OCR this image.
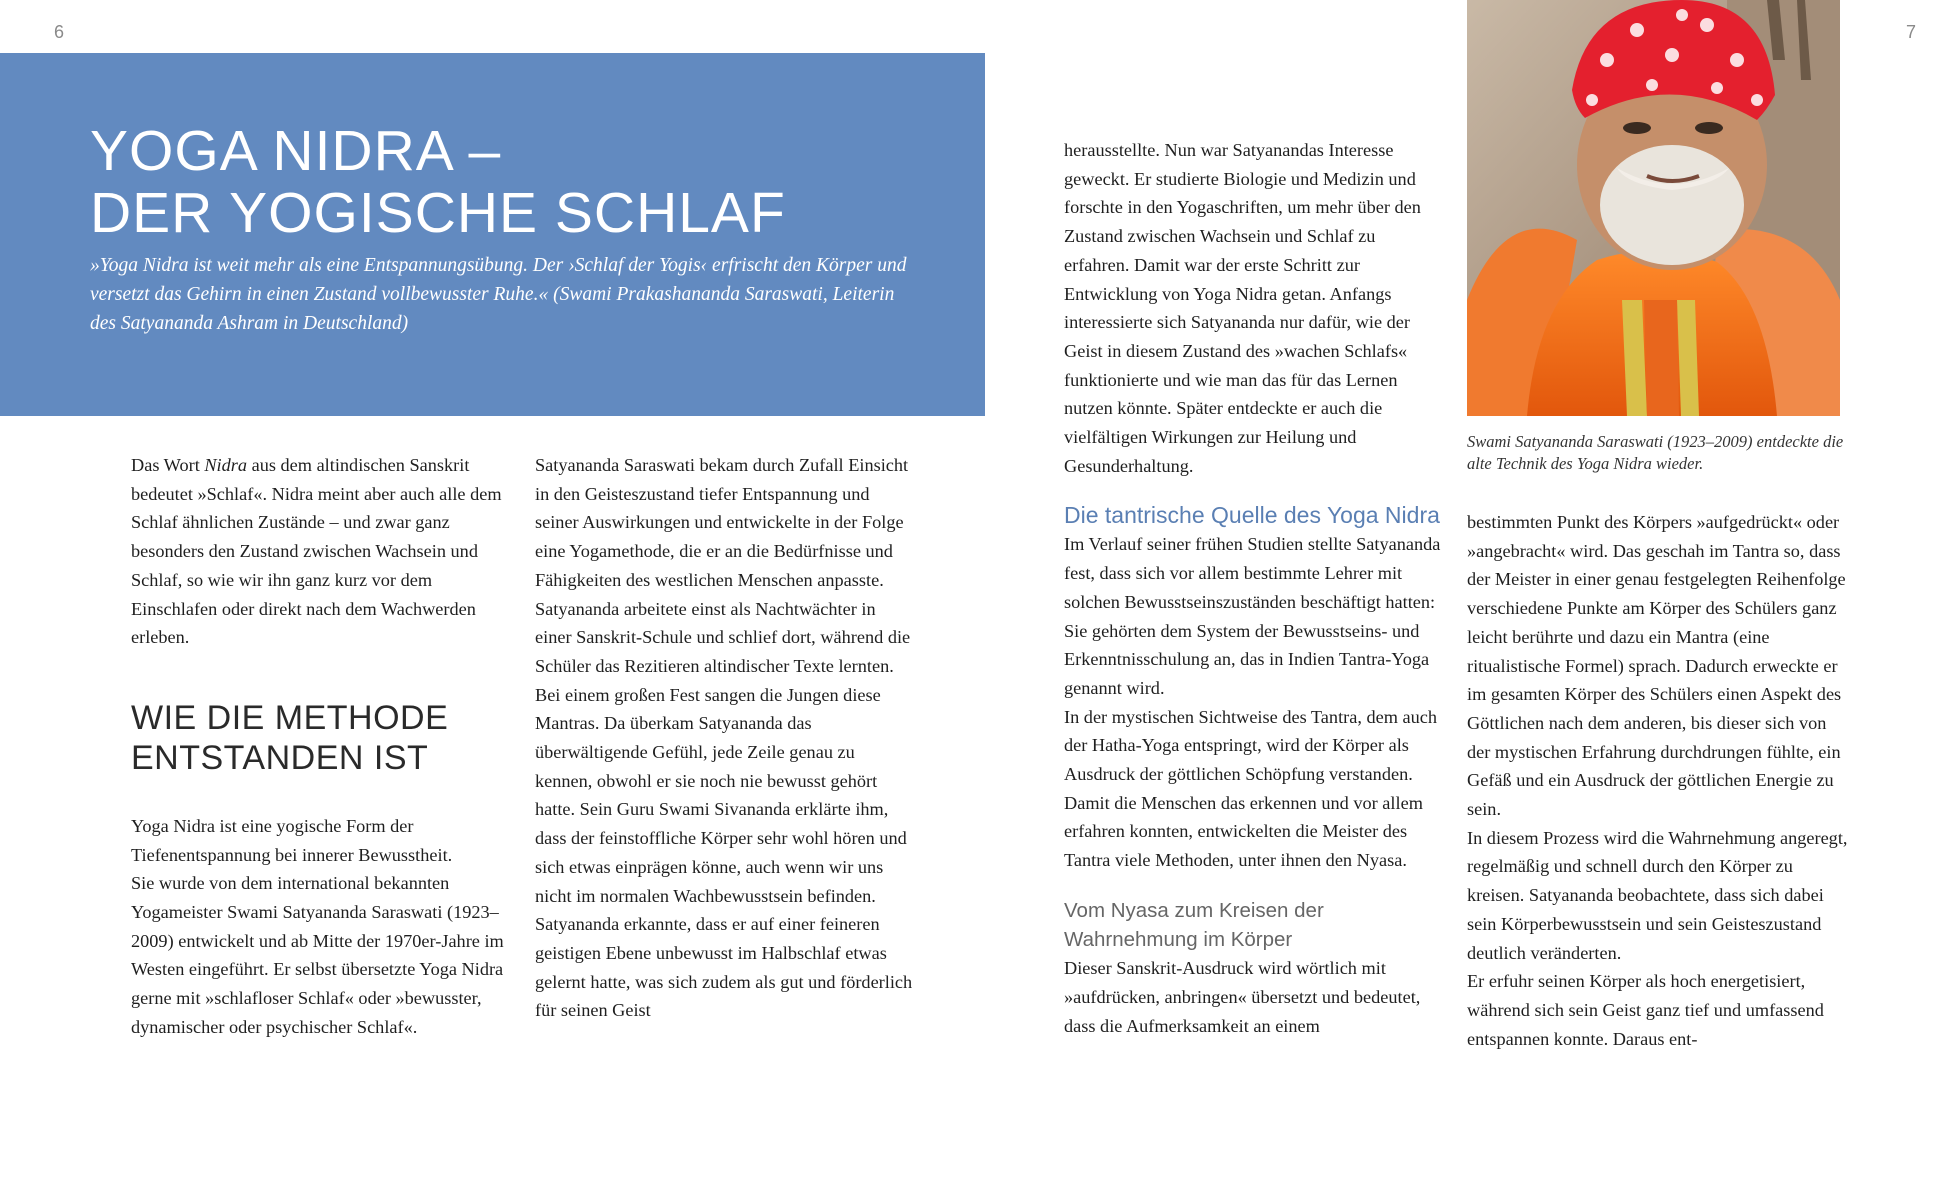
6	7
YOGA NIDRA –
DER YOGISCHE SCHLAF

»Yoga Nidra ist weit mehr als eine Entspannungsübung. Der ›Schlaf der Yogis‹ erfrischt den Körper und versetzt das Gehirn in einen Zustand vollbewusster Ruhe.« (Swami Prakashananda Saraswati, Leiterin des Satyananda Ashram in Deutschland)

Das Wort Nidra aus dem altindischen Sanskrit bedeutet »Schlaf«. Nidra meint aber auch alle dem Schlaf ähnlichen Zustände – und zwar ganz besonders den Zustand zwischen Wachsein und Schlaf, so wie wir ihn ganz kurz vor dem Einschlafen oder direkt nach dem Wachwerden erleben.

WIE DIE METHODE
ENTSTANDEN IST

Yoga Nidra ist eine yogische Form der Tiefenentspannung bei innerer Bewusstheit.

Sie wurde von dem international bekannten Yogameister Swami Satyananda Saraswati (1923–2009) entwickelt und ab Mitte der 1970er-Jahre im Westen eingeführt. Er selbst übersetzte Yoga Nidra gerne mit »schlafloser Schlaf« oder »bewusster, dynamischer oder psychischer Schlaf«.

Satyananda Saraswati bekam durch Zufall Einsicht in den Geisteszustand tiefer Entspannung und seiner Auswirkungen und entwickelte in der Folge eine Yogamethode, die er an die Bedürfnisse und Fähigkeiten des westlichen Menschen anpasste.

Satyananda arbeitete einst als Nachtwächter in einer Sanskrit-Schule und schlief dort, während die Schüler das Rezitieren altindischer Texte lernten. Bei einem großen Fest sangen die Jungen diese Mantras. Da überkam Satyananda das überwältigende Gefühl, jede Zeile genau zu kennen, obwohl er sie noch nie bewusst gehört hatte. Sein Guru Swami Sivananda erklärte ihm, dass der feinstoffliche Körper sehr wohl hören und sich etwas einprägen könne, auch wenn wir uns nicht im normalen Wachbewusstsein befinden. Satyananda erkannte, dass er auf einer feineren geistigen Ebene unbewusst im Halbschlaf etwas gelernt hatte, was sich zudem als gut und förderlich für seinen Geist

herausstellte. Nun war Satyanandas Interesse geweckt. Er studierte Biologie und Medizin und forschte in den Yogaschriften, um mehr über den Zustand zwischen Wachsein und Schlaf zu erfahren. Damit war der erste Schritt zur Entwicklung von Yoga Nidra getan. Anfangs interessierte sich Satyananda nur dafür, wie der Geist in diesem Zustand des »wachen Schlafs« funktionierte und wie man das für das Lernen nutzen könnte. Später entdeckte er auch die vielfältigen Wirkungen zur Heilung und Gesunderhaltung.

Die tantrische Quelle des Yoga Nidra

Im Verlauf seiner frühen Studien stellte Satyananda fest, dass sich vor allem bestimmte Lehrer mit solchen Bewusstseinszuständen beschäftigt hatten: Sie gehörten dem System der Bewusstseins- und Erkenntnisschulung an, das in Indien Tantra-Yoga genannt wird.

In der mystischen Sichtweise des Tantra, dem auch der Hatha-Yoga entspringt, wird der Körper als Ausdruck der göttlichen Schöpfung verstanden. Damit die Menschen das erkennen und vor allem erfahren konnten, entwickelten die Meister des Tantra viele Methoden, unter ihnen den Nyasa.

Vom Nyasa zum Kreisen der Wahrnehmung im Körper

Dieser Sanskrit-Ausdruck wird wörtlich mit »aufdrücken, anbringen« übersetzt und bedeutet, dass die Aufmerksamkeit an einem

Swami Satyananda Saraswati (1923–2009) entdeckte die alte Technik des Yoga Nidra wieder.

bestimmten Punkt des Körpers »aufgedrückt« oder »angebracht« wird. Das geschah im Tantra so, dass der Meister in einer genau festgelegten Reihenfolge verschiedene Punkte am Körper des Schülers ganz leicht berührte und dazu ein Mantra (eine ritualistische Formel) sprach. Dadurch erweckte er im gesamten Körper des Schülers einen Aspekt des Göttlichen nach dem anderen, bis dieser sich von der mystischen Erfahrung durchdrungen fühlte, ein Gefäß und ein Ausdruck der göttlichen Energie zu sein.

In diesem Prozess wird die Wahrnehmung angeregt, regelmäßig und schnell durch den Körper zu kreisen. Satyananda beobachtete, dass sich dabei sein Körperbewusstsein und sein Geisteszustand deutlich veränderten.

Er erfuhr seinen Körper als hoch energetisiert, während sich sein Geist ganz tief und umfassend entspannen konnte. Daraus ent-
